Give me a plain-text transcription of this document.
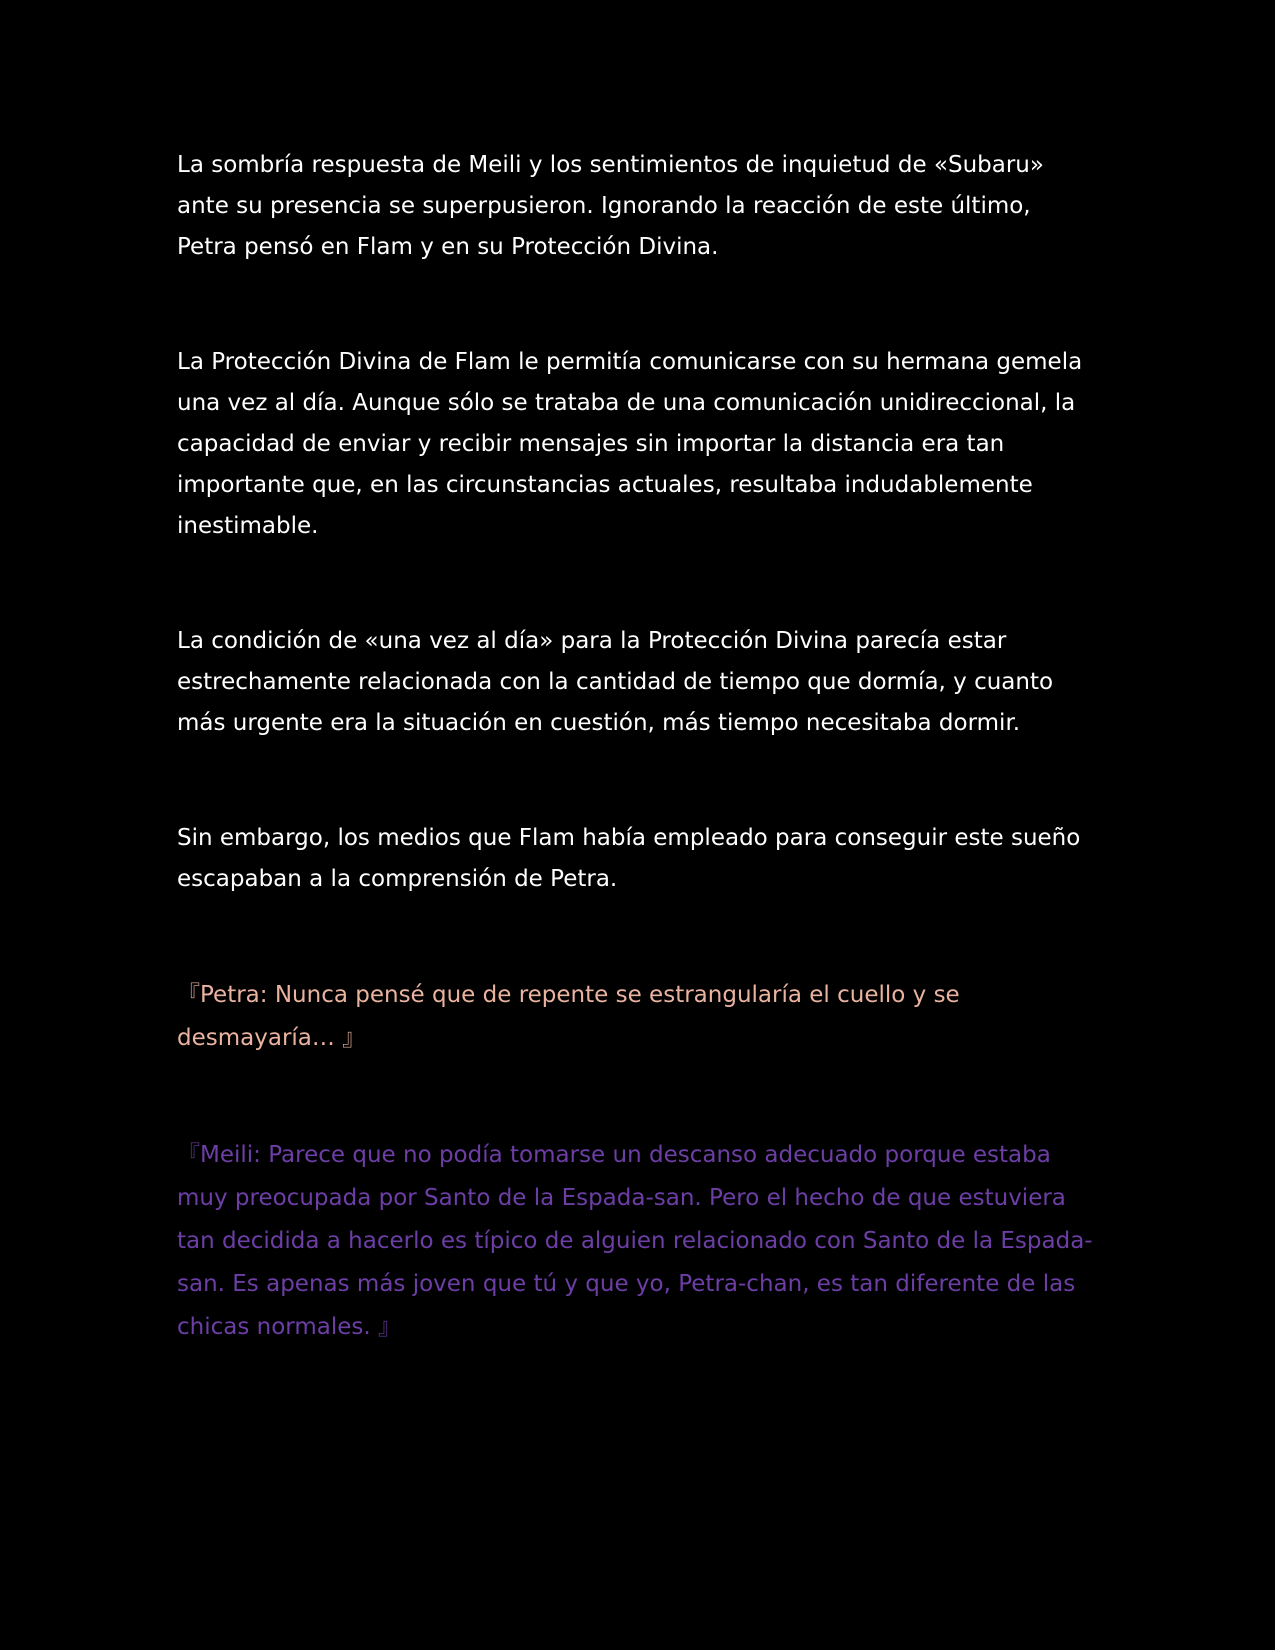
La sombría respuesta de Meili y los sentimientos de inquietud de «Subaru» ante su presencia se superpusieron. Ignorando la reacción de este último, Petra pensó en Flam y en su Protección Divina.

La Protección Divina de Flam le permitía comunicarse con su hermana gemela una vez al día. Aunque sólo se trataba de una comunicación unidireccional, la capacidad de enviar y recibir mensajes sin importar la distancia era tan importante que, en las circunstancias actuales, resultaba indudablemente inestimable.

La condición de «una vez al día» para la Protección Divina parecía estar estrechamente relacionada con la cantidad de tiempo que dormía, y cuanto más urgente era la situación en cuestión, más tiempo necesitaba dormir.

Sin embargo, los medios que Flam había empleado para conseguir este sueño escapaban a la comprensión de Petra.

『Petra: Nunca pensé que de repente se estrangularía el cuello y se desmayaría… 』

『Meili: Parece que no podía tomarse un descanso adecuado porque estaba muy preocupada por Santo de la Espada-san. Pero el hecho de que estuviera tan decidida a hacerlo es típico de alguien relacionado con Santo de la Espada-san. Es apenas más joven que tú y que yo, Petra-chan, es tan diferente de las chicas normales. 』
